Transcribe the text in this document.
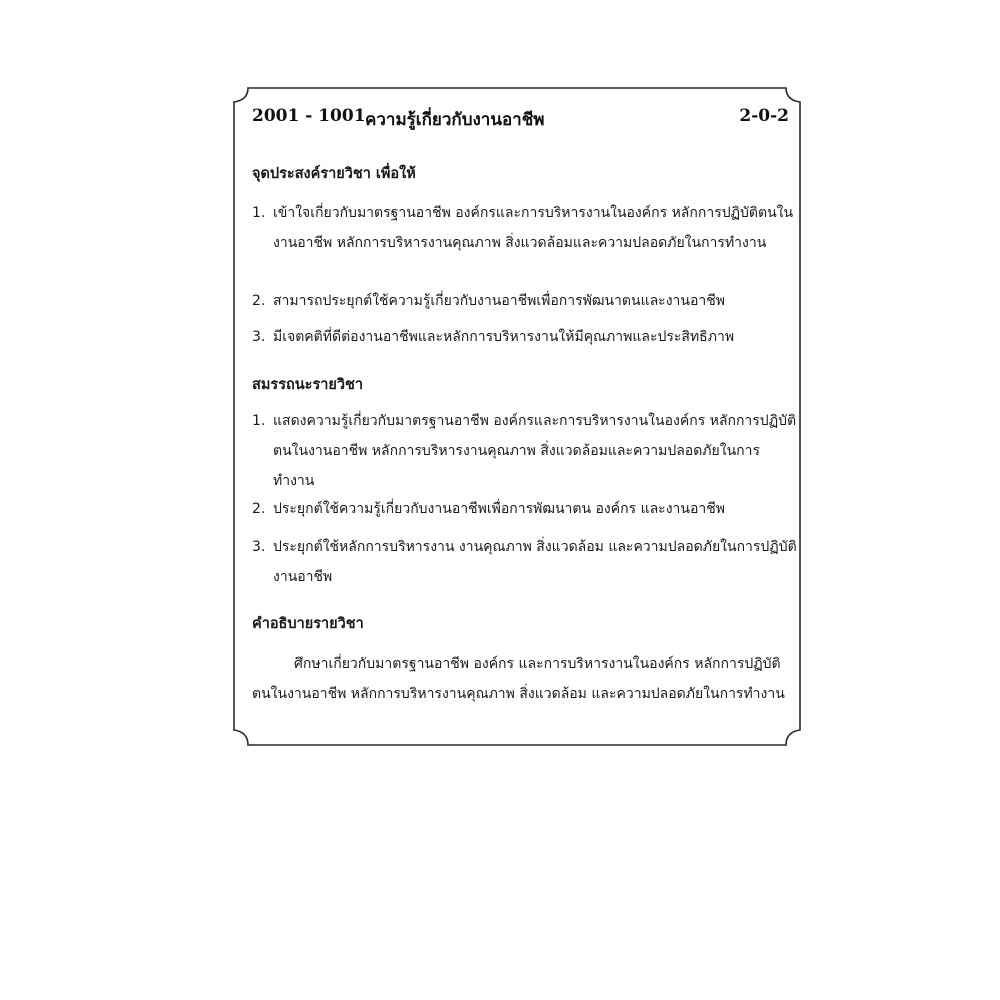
2001 - 1001 ความรู้เกี่ยวกับงานอาชีพ	2-0-2
จุดประสงค์รายวิชา เพื่อให้
1. เข้าใจเกี่ยวกับมาตรฐานอาชีพ องค์กรและการบริหารงานในองค์กร หลักการปฏิบัติตนในงานอาชีพ หลักการบริหารงานคุณภาพ สิ่งแวดล้อมและความปลอดภัยในการทำงาน
2. สามารถประยุกต์ใช้ความรู้เกี่ยวกับงานอาชีพเพื่อการพัฒนาตนและงานอาชีพ
3. มีเจตคติที่ดีต่องานอาชีพและหลักการบริหารงานให้มีคุณภาพและประสิทธิภาพ
สมรรถนะรายวิชา
1. แสดงความรู้เกี่ยวกับมาตรฐานอาชีพ องค์กรและการบริหารงานในองค์กร หลักการปฏิบัติตนในงานอาชีพ หลักการบริหารงานคุณภาพ สิ่งแวดล้อมและความปลอดภัยในการทำงาน
2. ประยุกต์ใช้ความรู้เกี่ยวกับงานอาชีพเพื่อการพัฒนาตน องค์กร และงานอาชีพ
3. ประยุกต์ใช้หลักการบริหารงาน งานคุณภาพ สิ่งแวดล้อม และความปลอดภัยในการปฏิบัติงานอาชีพ
คำอธิบายรายวิชา
ศึกษาเกี่ยวกับมาตรฐานอาชีพ องค์กร และการบริหารงานในองค์กร หลักการปฏิบัติตนในงานอาชีพ หลักการบริหารงานคุณภาพ สิ่งแวดล้อม และความปลอดภัยในการทำงาน
